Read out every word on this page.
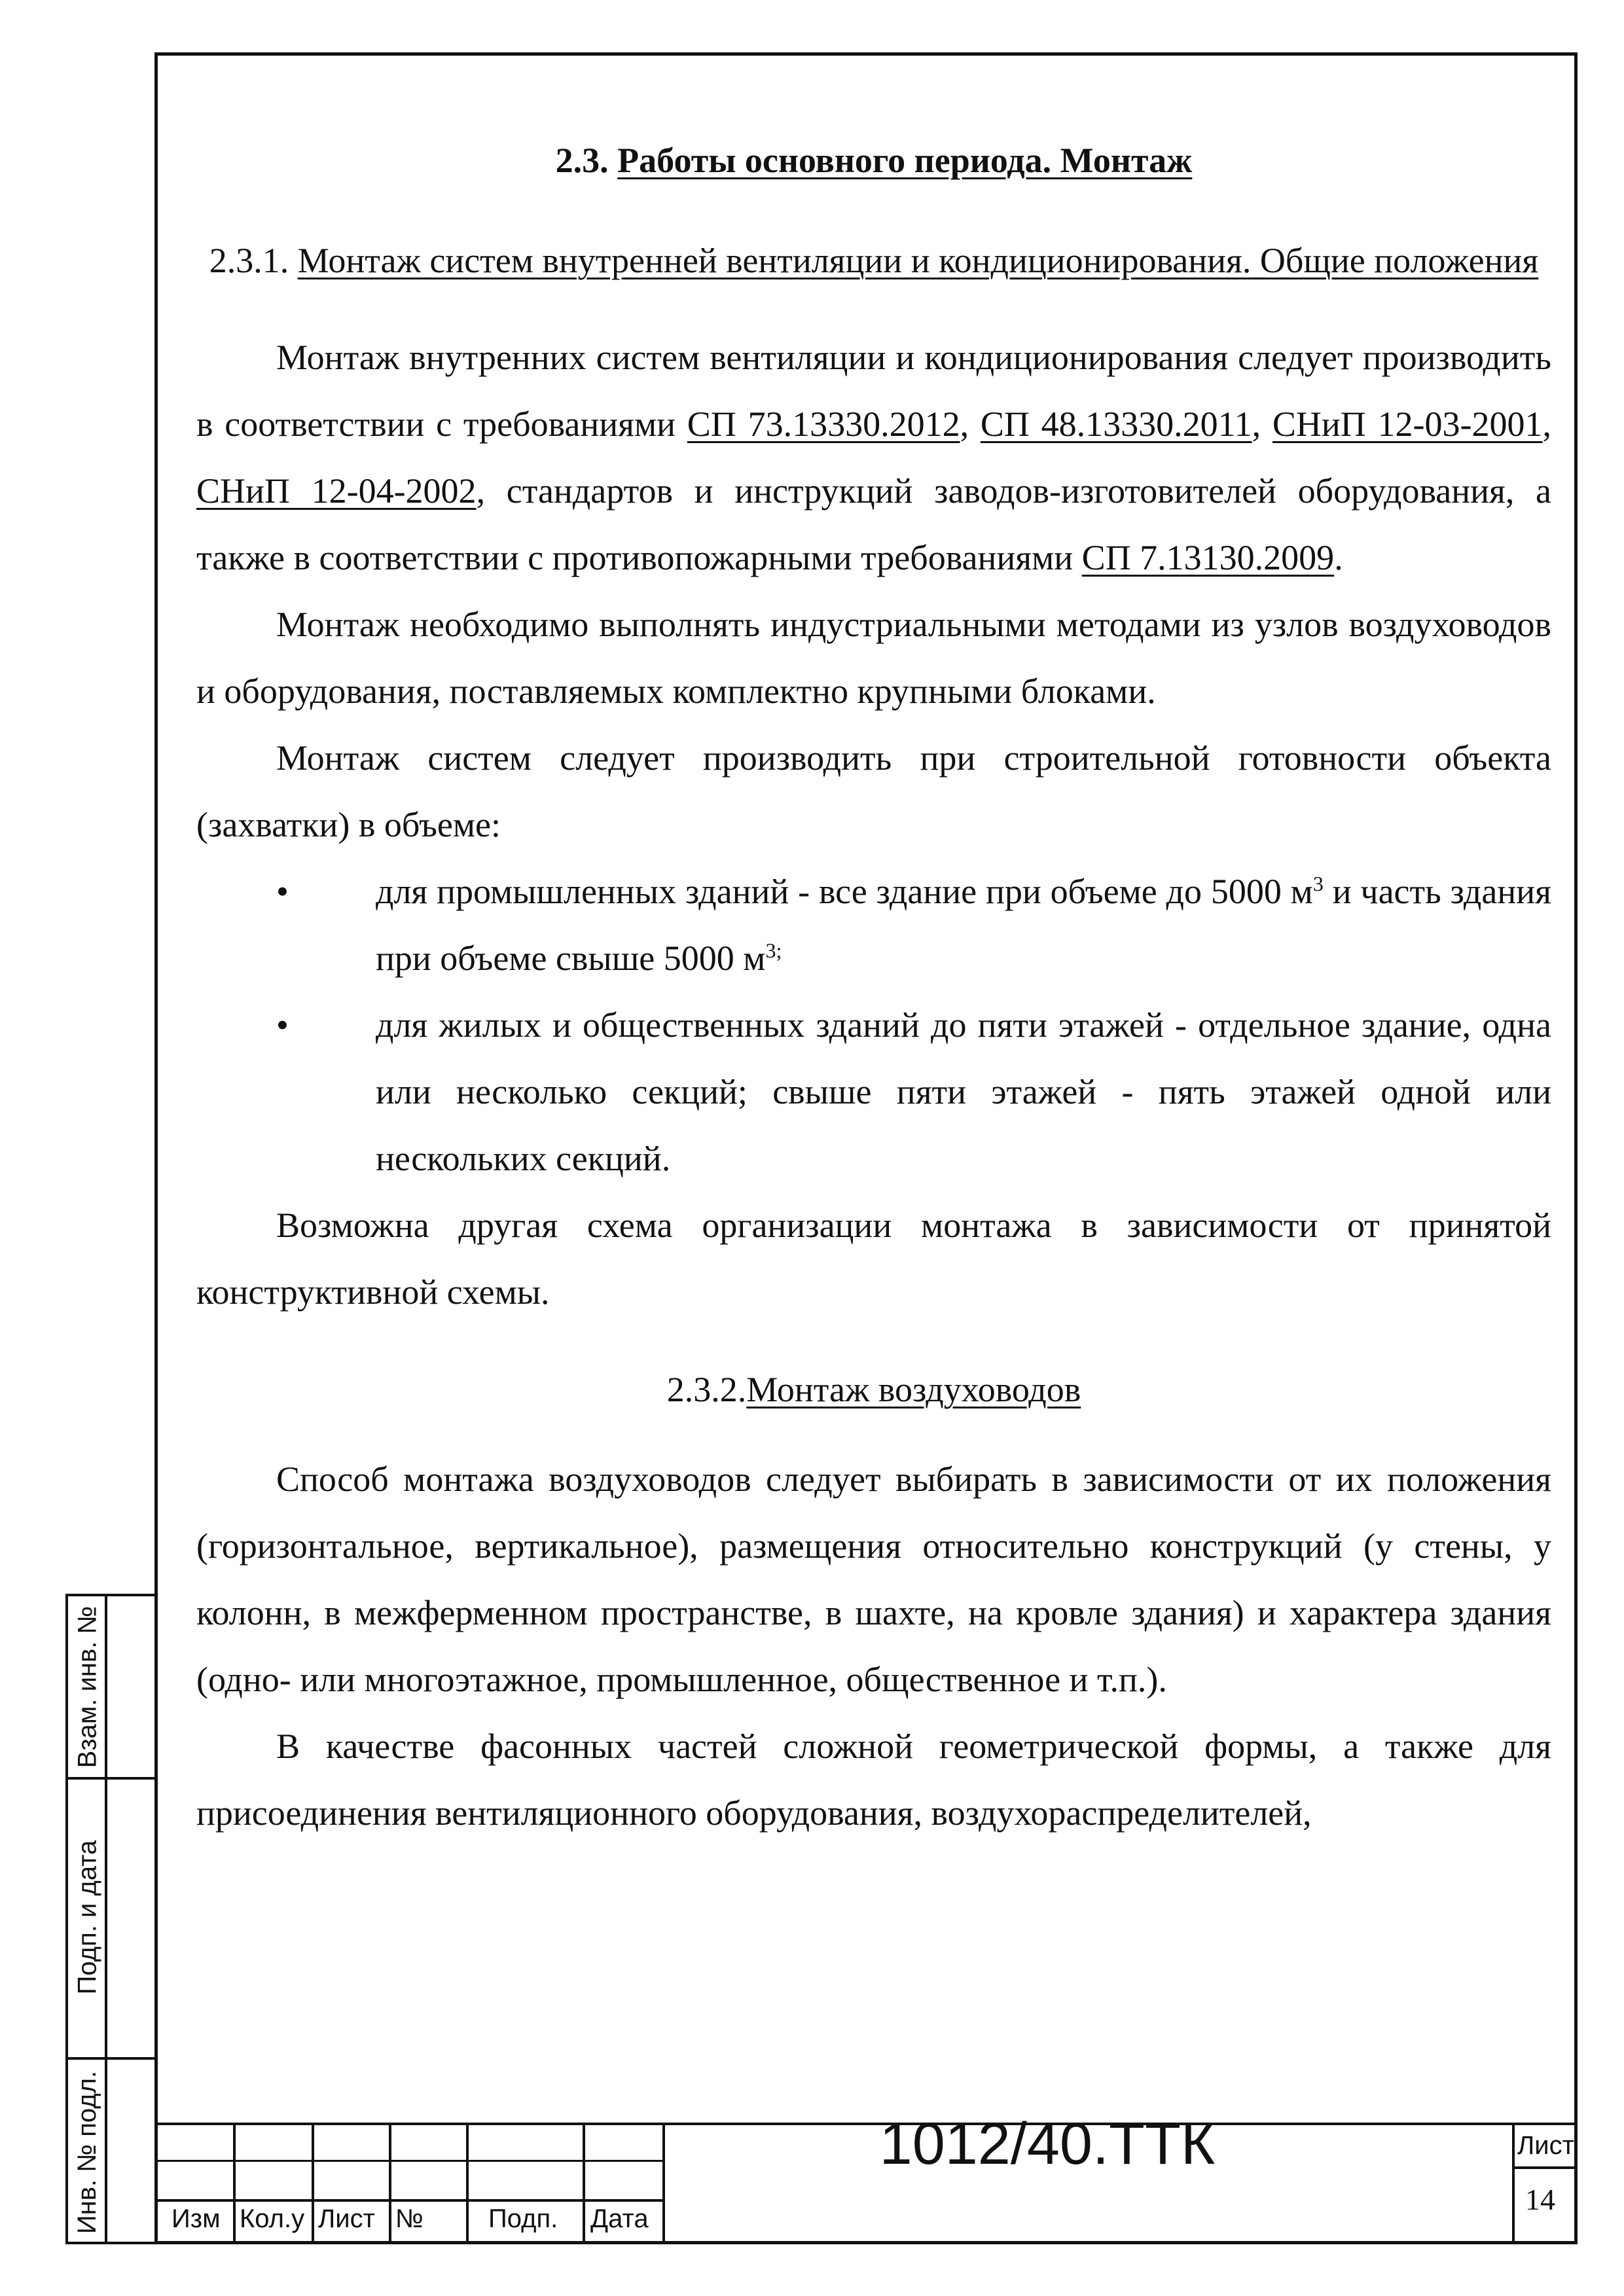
2.3. Работы основного периода. Монтаж
2.3.1. Монтаж систем внутренней вентиляции и кондиционирования. Общие положения

Монтаж внутренних систем вентиляции и кондиционирования следует производить в соответствии с требованиями СП 73.13330.2012, СП 48.13330.2011, СНиП 12-03-2001, СНиП 12-04-2002, стандартов и инструкций заводов-изготовителей оборудования, а также в соответствии с противопожарными требованиями СП 7.13130.2009.

Монтаж необходимо выполнять индустриальными методами из узлов воздуховодов и оборудования, поставляемых комплектно крупными блоками.

Монтаж систем следует производить при строительной готовности объекта (захватки) в объеме:

• для промышленных зданий - все здание при объеме до 5000 $м^3$ и часть здания при объеме свыше 5000 $м^{3;}$
• для жилых и общественных зданий до пяти этажей - отдельное здание, одна или несколько секций; свыше пяти этажей - пять этажей одной или нескольких секций.

Возможна другая схема организации монтажа в зависимости от принятой конструктивной схемы.

2.3.2.Монтаж воздуховодов

Способ монтажа воздуховодов следует выбирать в зависимости от их положения (горизонтальное, вертикальное), размещения относительно конструкций (у стены, у колонн, в межферменном пространстве, в шахте, на кровле здания) и характера здания (одно- или многоэтажное, промышленное, общественное и т.п.).

В качестве фасонных частей сложной геометрической формы, а также для присоединения вентиляционного оборудования, воздухораспределителей,

Взам. инв. №
Подп. и дата
Инв. № подл.	Изм Кол.у Лист № Подп. Дата
1012/40.ТТК	Лист
14
